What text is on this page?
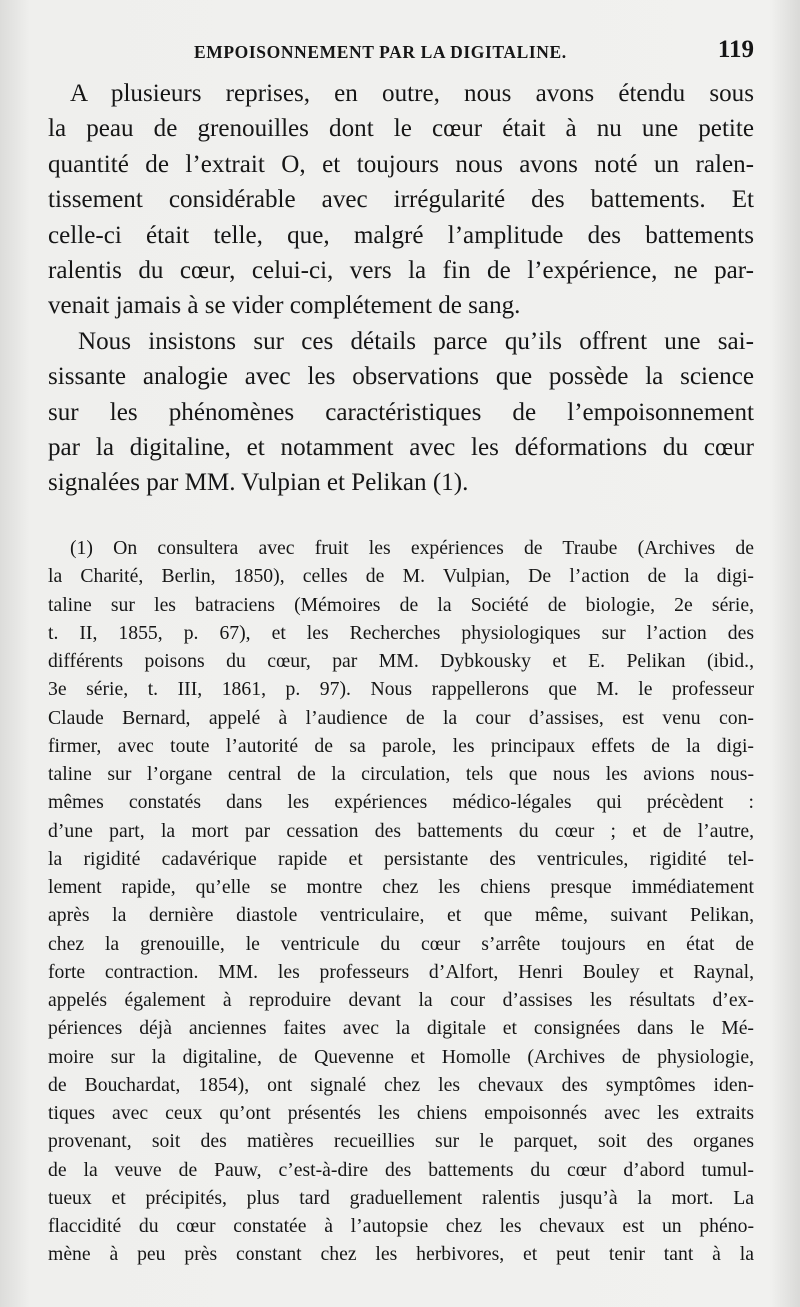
EMPOISONNEMENT PAR LA DIGITALINE.	119
A plusieurs reprises, en outre, nous avons étendu sous
la peau de grenouilles dont le cœur était à nu une petite
quantité de l’extrait O, et toujours nous avons noté un ralen-
tissement considérable avec irrégularité des battements. Et
celle-ci était telle, que, malgré l’amplitude des battements
ralentis du cœur, celui-ci, vers la fin de l’expérience, ne par-
venait jamais à se vider complétement de sang.
Nous insistons sur ces détails parce qu’ils offrent une sai-
sissante analogie avec les observations que possède la science
sur les phénomènes caractéristiques de l’empoisonnement
par la digitaline, et notamment avec les déformations du cœur
signalées par MM. Vulpian et Pelikan (1).
(1) On consultera avec fruit les expériences de Traube (Archives de
la Charité, Berlin, 1850), celles de M. Vulpian, De l’action de la digi-
taline sur les batraciens (Mémoires de la Société de biologie, 2e série,
t. II, 1855, p. 67), et les Recherches physiologiques sur l’action des
différents poisons du cœur, par MM. Dybkousky et E. Pelikan (ibid.,
3e série, t. III, 1861, p. 97). Nous rappellerons que M. le professeur
Claude Bernard, appelé à l’audience de la cour d’assises, est venu con-
firmer, avec toute l’autorité de sa parole, les principaux effets de la digi-
taline sur l’organe central de la circulation, tels que nous les avions nous-
mêmes constatés dans les expériences médico-légales qui précèdent :
d’une part, la mort par cessation des battements du cœur ; et de l’autre,
la rigidité cadavérique rapide et persistante des ventricules, rigidité tel-
lement rapide, qu’elle se montre chez les chiens presque immédiatement
après la dernière diastole ventriculaire, et que même, suivant Pelikan,
chez la grenouille, le ventricule du cœur s’arrête toujours en état de
forte contraction. MM. les professeurs d’Alfort, Henri Bouley et Raynal,
appelés également à reproduire devant la cour d’assises les résultats d’ex-
périences déjà anciennes faites avec la digitale et consignées dans le Mé-
moire sur la digitaline, de Quevenne et Homolle (Archives de physiologie,
de Bouchardat, 1854), ont signalé chez les chevaux des symptômes iden-
tiques avec ceux qu’ont présentés les chiens empoisonnés avec les extraits
provenant, soit des matières recueillies sur le parquet, soit des organes
de la veuve de Pauw, c’est-à-dire des battements du cœur d’abord tumul-
tueux et précipités, plus tard graduellement ralentis jusqu’à la mort. La
flaccidité du cœur constatée à l’autopsie chez les chevaux est un phéno-
mène à peu près constant chez les herbivores, et peut tenir tant à la
